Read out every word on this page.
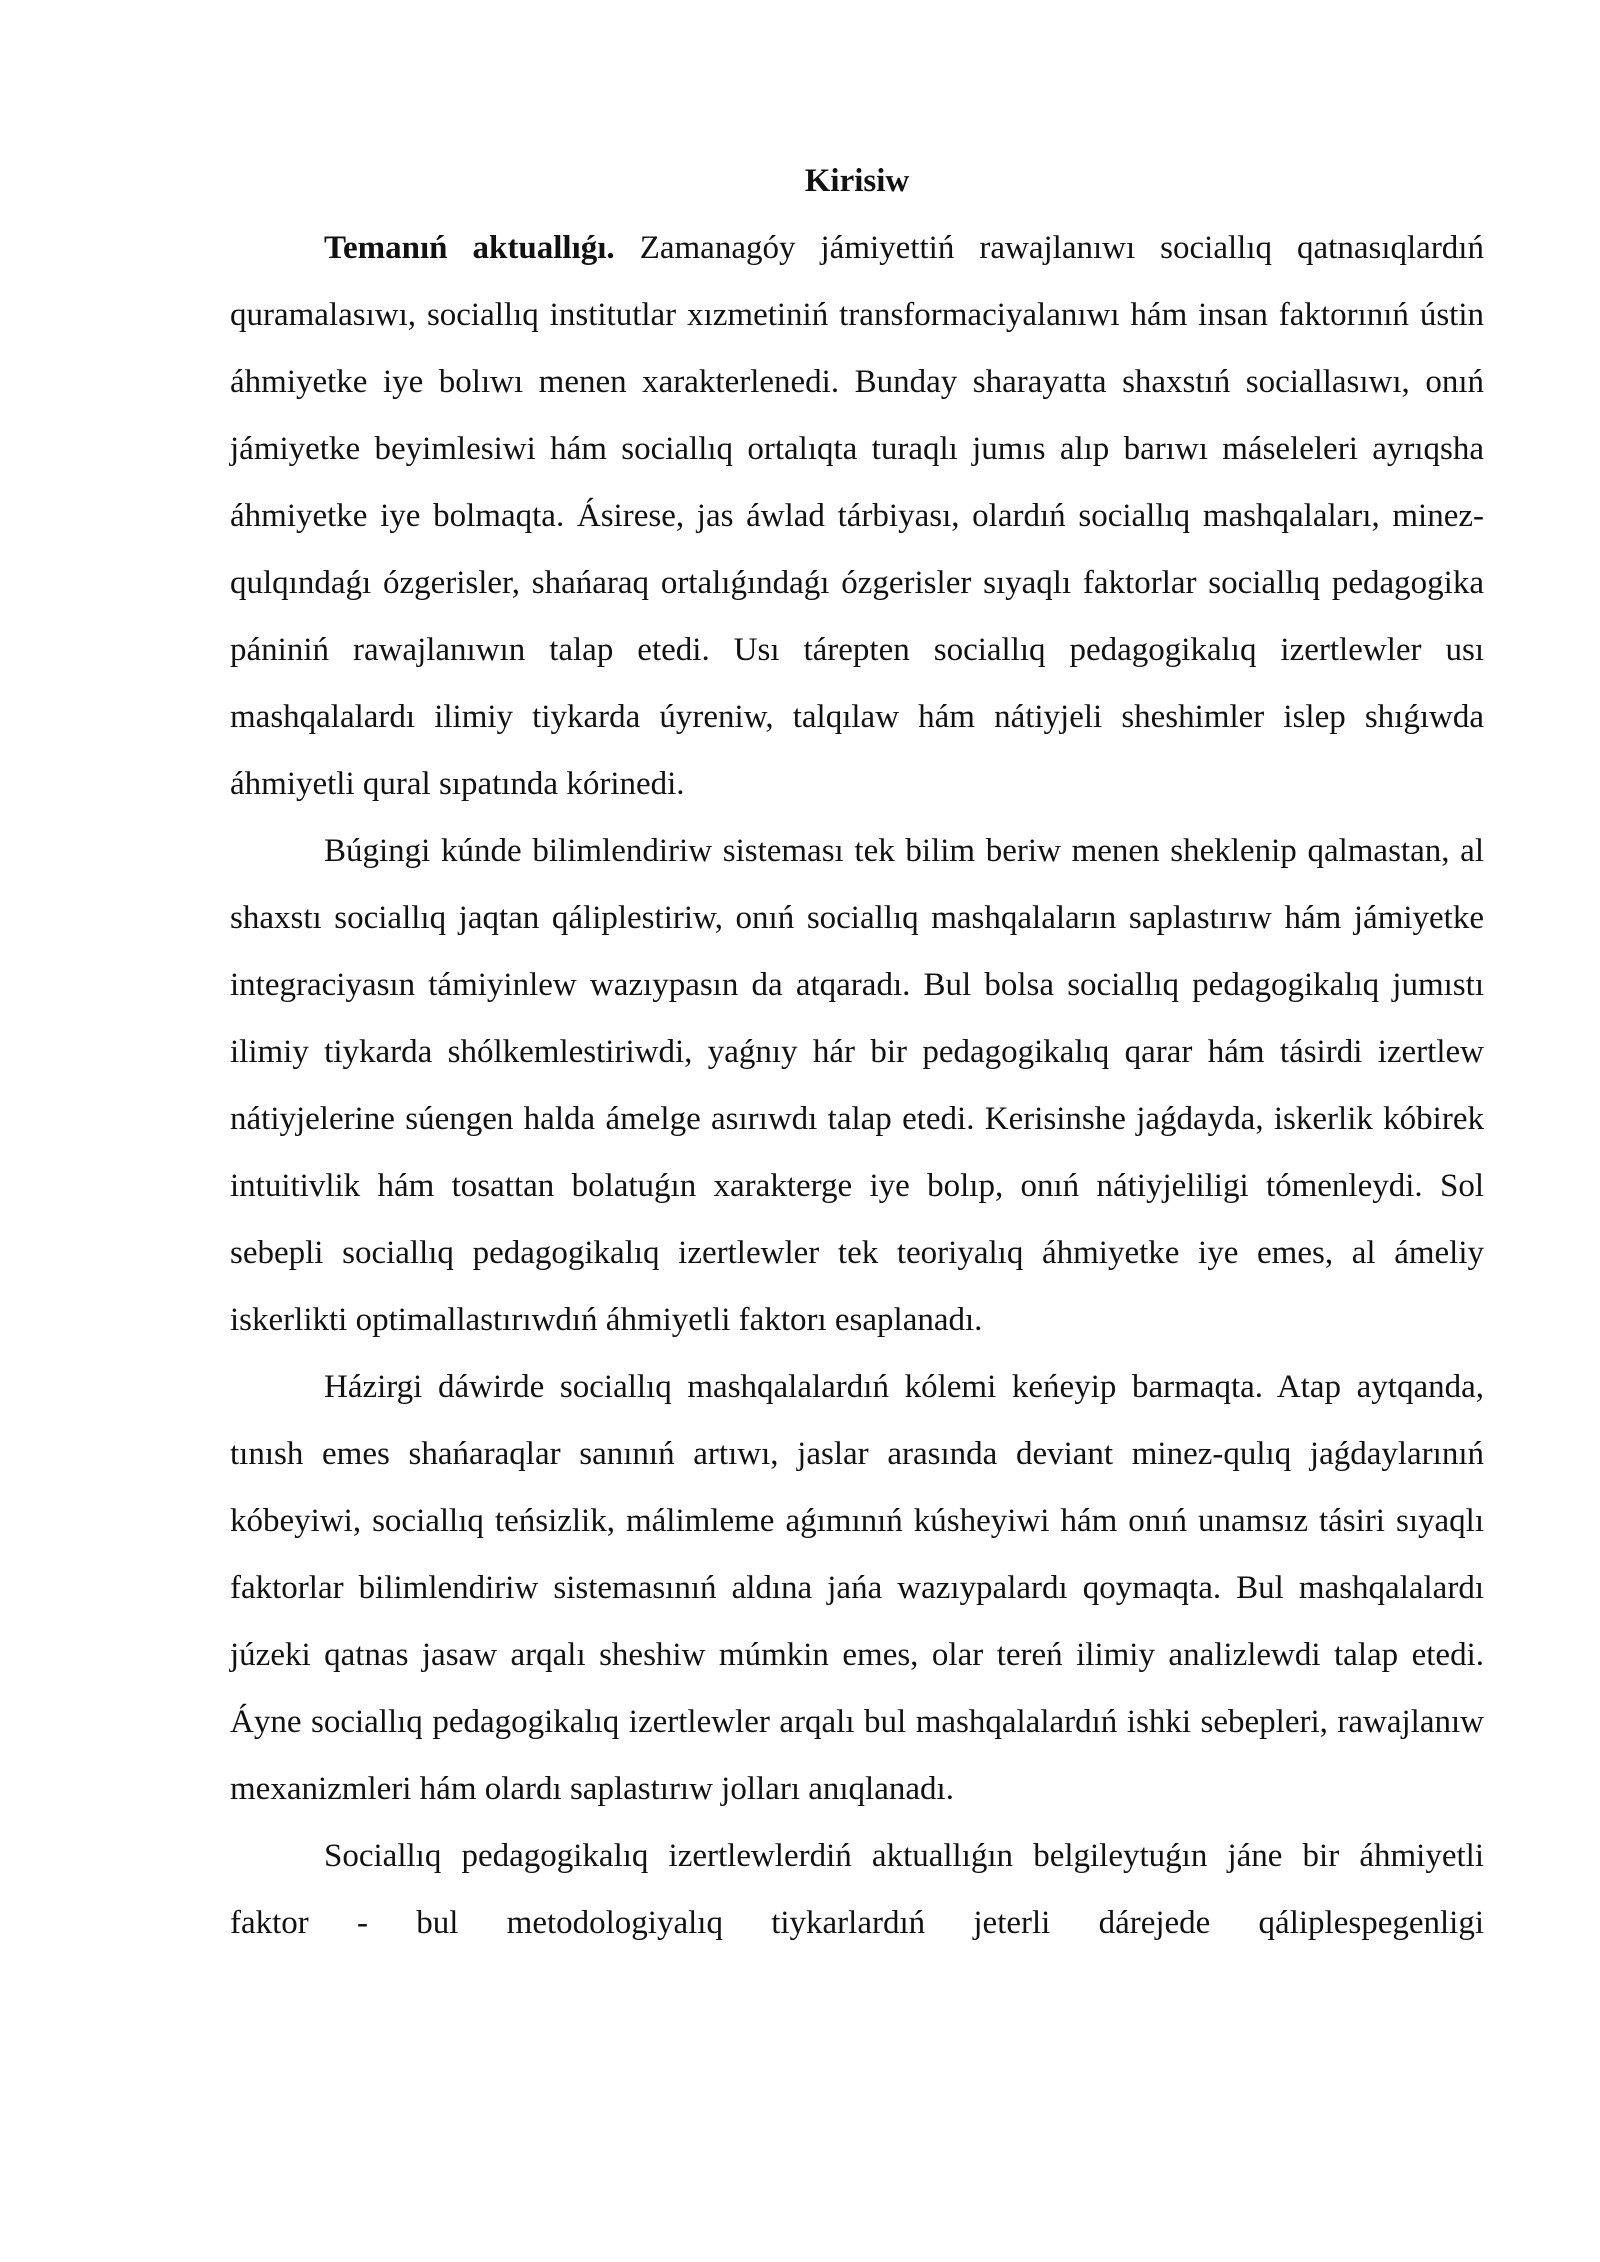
Kirisiw

Temanıń aktuallıǵı. Zamanagóy jámiyettiń rawajlanıwı sociallıq qatnasıqlardıń quramalasıwı, sociallıq institutlar xızmetiniń transformaciyalanıwı hám insan faktorınıń ústin áhmiyetke iye bolıwı menen xarakterlenedi. Bunday sharayatta shaxstıń sociallasıwı, onıń jámiyetke beyimlesiwi hám sociallıq ortalıqta turaqlı jumıs alıp barıwı máseleleri ayrıqsha áhmiyetke iye bolmaqta. Ásirese, jas áwlad tárbiyası, olardıń sociallıq mashqalaları, minez-qulqındaǵı ózgerisler, shańaraq ortalıǵındaǵı ózgerisler sıyaqlı faktorlar sociallıq pedagogika pániniń rawajlanıwın talap etedi. Usı tárepten sociallıq pedagogikalıq izertlewler usı mashqalalardı ilimiy tiykarda úyreniw, talqılaw hám nátiyjeli sheshimler islep shıǵıwda áhmiyetli qural sıpatında kórinedi.

Búgingi kúnde bilimlendiriw sisteması tek bilim beriw menen sheklenip qalmastan, al shaxstı sociallıq jaqtan qáliplestiriw, onıń sociallıq mashqalaların saplastırıw hám jámiyetke integraciyasın támiyinlew wazıypasın da atqaradı. Bul bolsa sociallıq pedagogikalıq jumıstı ilimiy tiykarda shólkemlestiriwdi, yaǵnıy hár bir pedagogikalıq qarar hám tásirdi izertlew nátiyjelerine súengen halda ámelge asırıwdı talap etedi. Kerisinshe jaǵdayda, iskerlik kóbirek intuitivlik hám tosattan bolatuǵın xarakterge iye bolıp, onıń nátiyjeliligi tómenleydi. Sol sebepli sociallıq pedagogikalıq izertlewler tek teoriyalıq áhmiyetke iye emes, al ámeliy iskerlikti optimallastırıwdıń áhmiyetli faktorı esaplanadı.

Házirgi dáwirde sociallıq mashqalalardıń kólemi keńeyip barmaqta. Atap aytqanda, tınısh emes shańaraqlar sanınıń artıwı, jaslar arasında deviant minez-qulıq jaǵdaylarınıń kóbeyiwi, sociallıq teńsizlik, málimleme aǵımınıń kúsheyiwi hám onıń unamsız tásiri sıyaqlı faktorlar bilimlendiriw sistemasınıń aldına jańa wazıypalardı qoymaqta. Bul mashqalalardı júzeki qatnas jasaw arqalı sheshiw múmkin emes, olar tereń ilimiy analizlewdi talap etedi. Áyne sociallıq pedagogikalıq izertlewler arqalı bul mashqalalardıń ishki sebepleri, rawajlanıw mexanizmleri hám olardı saplastırıw jolları anıqlanadı.

Sociallıq pedagogikalıq izertlewlerdiń aktuallıǵın belgileytuǵın jáne bir áhmiyetli faktor - bul metodologiyalıq tiykarlardıń jeterli dárejede qáliplespegenligi
